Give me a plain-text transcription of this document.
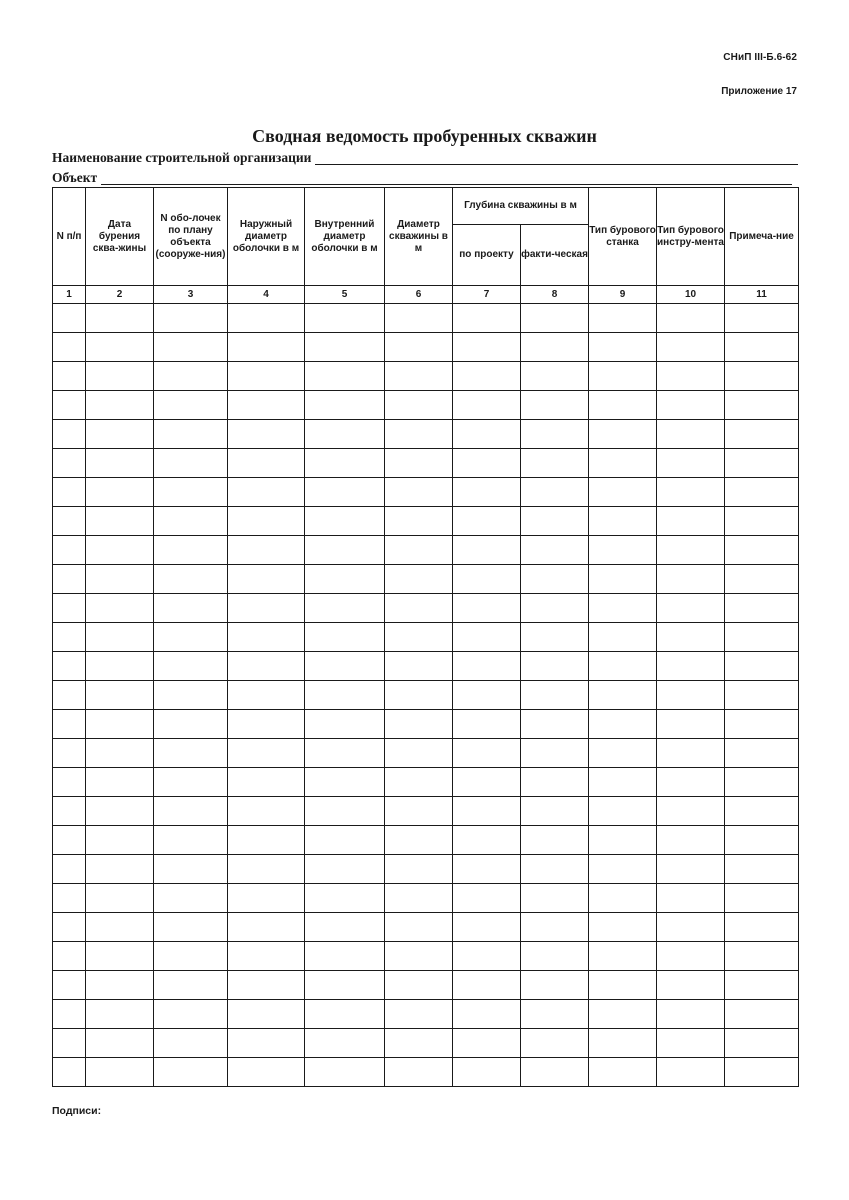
СНиП III-Б.6-62
Приложение 17
Сводная ведомость пробуренных скважин
Наименование строительной организации
Объект
N п/п	Дата бурения сква-жины	N обо-лочек по плану объекта (сооруже-ния)	Наружный диаметр оболочки в м	Внутренний диаметр оболочки в м	Диаметр скважины в м	Глубина скважины в м		Тип бурового станка	Тип бурового инстру-мента	Примеча-ние
						по проекту	факти-ческая			
1	2	3	4	5	6	7	8	9	10	11

Подписи:
